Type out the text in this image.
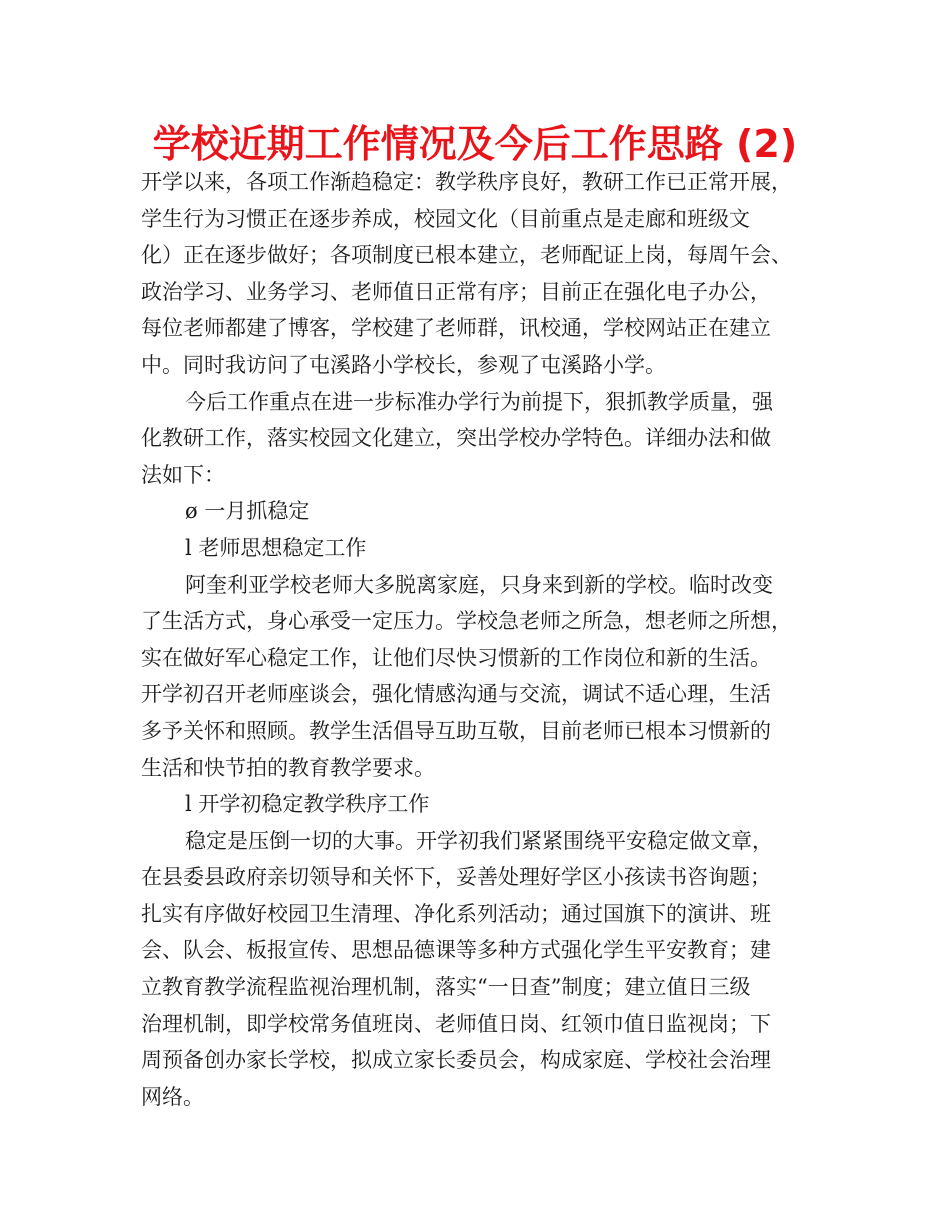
学校近期工作情况及今后工作思路 (2)
开学以来，各项工作渐趋稳定：教学秩序良好，教研工作已正常开展，
学生行为习惯正在逐步养成，校园文化（目前重点是走廊和班级文
化）正在逐步做好；各项制度已根本建立，老师配证上岗，每周午会、
政治学习、业务学习、老师值日正常有序；目前正在强化电子办公，
每位老师都建了博客，学校建了老师群，讯校通，学校网站正在建立
中。同时我访问了屯溪路小学校长，参观了屯溪路小学。
今后工作重点在进一步标准办学行为前提下，狠抓教学质量，强
化教研工作，落实校园文化建立，突出学校办学特色。详细办法和做
法如下：
ø 一月抓稳定
l 老师思想稳定工作
阿奎利亚学校老师大多脱离家庭，只身来到新的学校。临时改变
了生活方式，身心承受一定压力。学校急老师之所急，想老师之所想，
实在做好军心稳定工作，让他们尽快习惯新的工作岗位和新的生活。
开学初召开老师座谈会，强化情感沟通与交流，调试不适心理，生活
多予关怀和照顾。教学生活倡导互助互敬，目前老师已根本习惯新的
生活和快节拍的教育教学要求。
l 开学初稳定教学秩序工作
稳定是压倒一切的大事。开学初我们紧紧围绕平安稳定做文章，
在县委县政府亲切领导和关怀下，妥善处理好学区小孩读书咨询题；
扎实有序做好校园卫生清理、净化系列活动；通过国旗下的演讲、班
会、队会、板报宣传、思想品德课等多种方式强化学生平安教育；建
立教育教学流程监视治理机制，落实“一日查”制度；建立值日三级
治理机制，即学校常务值班岗、老师值日岗、红领巾值日监视岗；下
周预备创办家长学校，拟成立家长委员会，构成家庭、学校社会治理
网络。
